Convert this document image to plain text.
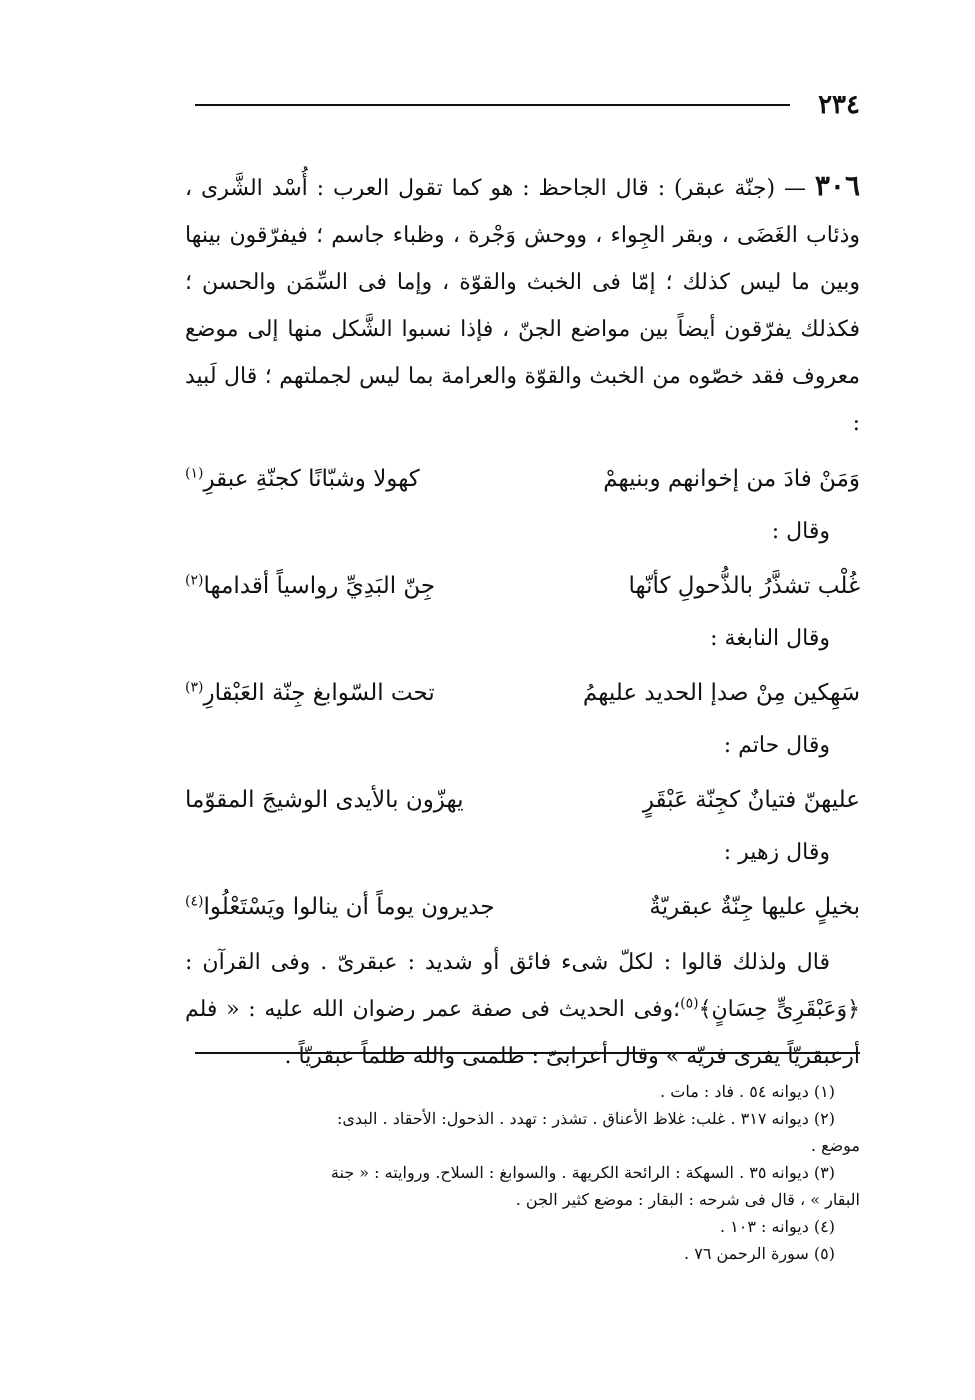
٢٣٤

٣٠٦ — (جنّة عبقر) : قال الجاحظ : هو كما تقول العرب : أُسْد الشَّرى ، وذئاب الغَضَى ، وبقر الجِواء ، ووحش وَجْرة ، وظباء جاسم ؛ فيفرّقون بينها وبين ما ليس كذلك ؛ إمّا فى الخبث والقوّة ، وإما فى السِّمَن والحسن ؛ فكذلك يفرّقون أيضاً بين مواضع الجنّ ، فإذا نسبوا الشَّكل منها إلى موضع معروف فقد خصّوه من الخبث والقوّة والعرامة بما ليس لجملتهم ؛ قال لَبيد :

وَمَنْ فادَ من إخوانهم وبنيهمْ
كهولا وشبّانًا كجنّةِ عبقرِ$^{(١)}$

وقال :

غُلْب تشذَّرُ بالذُّحولِ كأنّها
جِنّ البَدِيِّ رواسياً أقدامها$^{(٢)}$

وقال النابغة :

سَهِكين مِنْ صدإ الحديد عليهمُ
تحت السّوابغ جِنّة العَبْقارِ$^{(٣)}$

وقال حاتم :

عليهنّ فتيانٌ كجِنّة عَبْقَرٍ
يهزّون بالأيدى الوشيجَ المقوّما

وقال زهير :

بخيلٍ عليها جِنّةٌ عبقريّةٌ
جديرون يوماً أن ينالوا ويَسْتَعْلُوا$^{(٤)}$

قال ولذلك قالوا : لكلّ شىء فائق أو شديد : عبقرىّ . وفى القرآن : ﴿وَعَبْقَرِىٍّ حِسَانٍ﴾$^{(٥)}$؛وفى الحديث فى صفة عمر رضوان الله عليه : « فلم أرعبقريّاً يفرى فريّه » وقال أعرابىّ : ظلمنى والله ظلماً عبقريّاً .

(١) ديوانه ٥٤ . فاد : مات .

(٢) ديوانه ٣١٧ . غلب: غلاظ الأعناق . تشذر : تهدد . الذحول: الأحقاد . البدى:

موضع .

(٣) ديوانه ٣٥ . السهكة : الرائحة الكريهة . والسوابغ : السلاح. وروايته : « جنة

البقار » ، قال فى شرحه : البقار : موضع كثير الجن .

(٤) ديوانه : ١٠٣ .

(٥) سورة الرحمن ٧٦ .
